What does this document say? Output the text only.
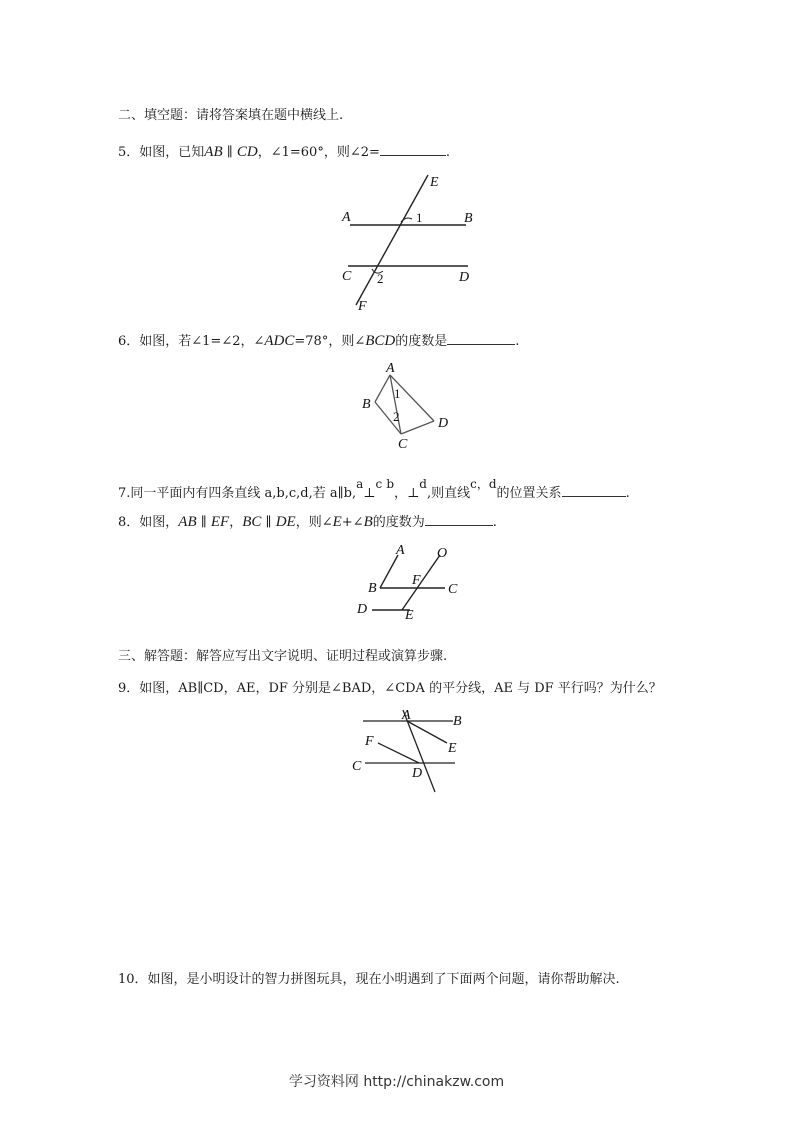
二、填空题：请将答案填在题中横线上.
5．如图，已知AB ∥ CD，∠1=60°，则∠2=	.
E
A	1	B
C 2	D
F
6．如图，若∠1=∠2，∠ADC=78°，则∠BCD的度数是	.
A
B
1
2
C
D
7.同一平面内有四条直线 a,b,c,d,若 a∥b,a⊥c b，⊥d,则直线c，d的位置关系	.
8．如图，AB ∥ EF，BC ∥ DE，则∠E+∠B的度数为	.
A O
F
B	C
D	E
三、解答题：解答应写出文字说明、证明过程或演算步骤.
9．如图，AB∥CD，AE，DF 分别是∠BAD，∠CDA 的平分线，AE 与 DF 平行吗？为什么？
A	B
F	E
C	D
10．如图，是小明设计的智力拼图玩具，现在小明遇到了下面两个问题，请你帮助解决.
学习资料网 http://chinakzw.com
